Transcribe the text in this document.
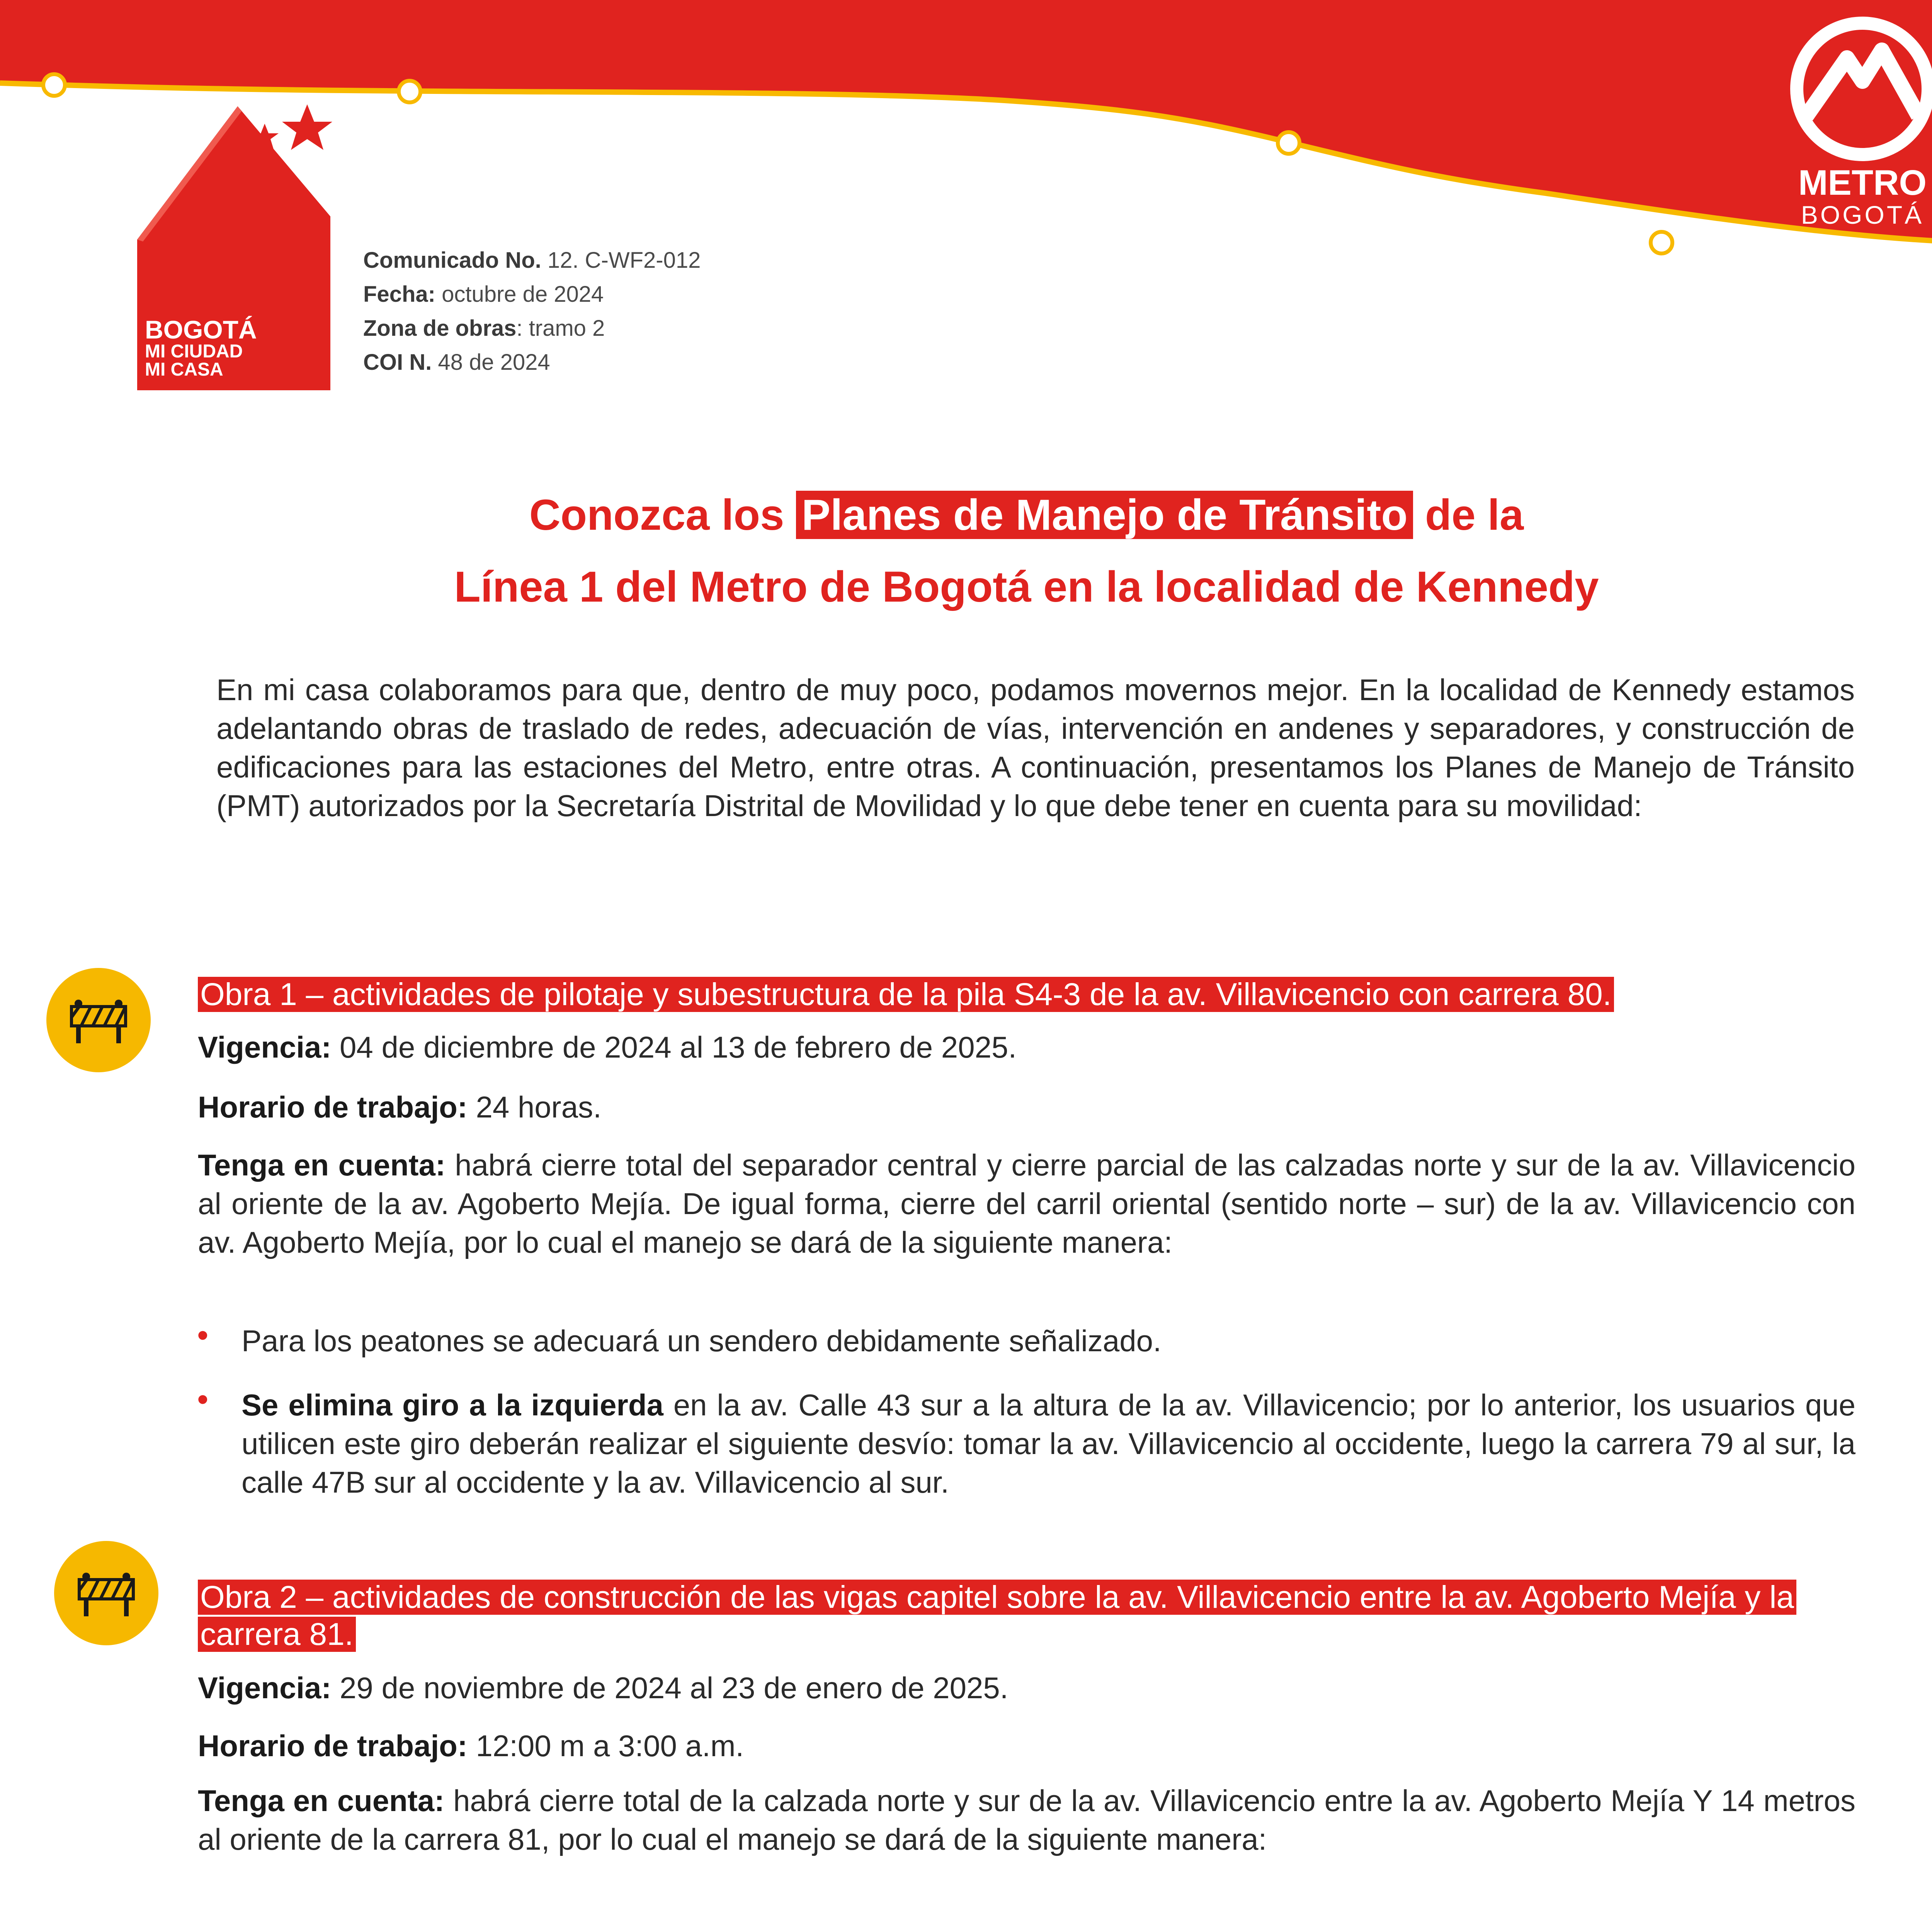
METRO
BOGOTÁ
BOGOTÁ
MI CIUDAD
MI CASA
Comunicado No. 12. C-WF2-012
Fecha: octubre de 2024
Zona de obras: tramo 2
COI N. 48 de 2024
Conozca los Planes de Manejo de Tránsito de la
Línea 1 del Metro de Bogotá en la localidad de Kennedy
En mi casa colaboramos para que, dentro de muy poco, podamos movernos mejor. En la localidad de Kennedy estamos adelantando obras de traslado de redes, adecuación de vías, intervención en andenes y separadores, y construcción de edificaciones para las estaciones del Metro, entre otras. A continuación, presentamos los Planes de Manejo de Tránsito (PMT) autorizados por la Secretaría Distrital de Movilidad y lo que debe tener en cuenta para su movilidad:
Obra 1 – actividades de pilotaje y subestructura de la pila S4-3 de la av. Villavicencio con carrera 80.
Vigencia: 04 de diciembre de 2024 al 13 de febrero de 2025.
Horario de trabajo: 24 horas.
Tenga en cuenta: habrá cierre total del separador central y cierre parcial de las calzadas norte y sur de la av. Villavicencio al oriente de la av. Agoberto Mejía. De igual forma, cierre del carril oriental (sentido norte – sur) de la av. Villavicencio con av. Agoberto Mejía, por lo cual el manejo se dará de la siguiente manera:
• Para los peatones se adecuará un sendero debidamente señalizado.
• Se elimina giro a la izquierda en la av. Calle 43 sur a la altura de la av. Villavicencio; por lo anterior, los usuarios que utilicen este giro deberán realizar el siguiente desvío: tomar la av. Villavicencio al occidente, luego la carrera 79 al sur, la calle 47B sur al occidente y la av. Villavicencio al sur.
Obra 2 – actividades de construcción de las vigas capitel sobre la av. Villavicencio entre la av. Agoberto Mejía y la carrera 81.
Vigencia: 29 de noviembre de 2024 al 23 de enero de 2025.
Horario de trabajo: 12:00 m a 3:00 a.m.
Tenga en cuenta: habrá cierre total de la calzada norte y sur de la av. Villavicencio entre la av. Agoberto Mejía Y 14 metros al oriente de la carrera 81, por lo cual el manejo se dará de la siguiente manera:
